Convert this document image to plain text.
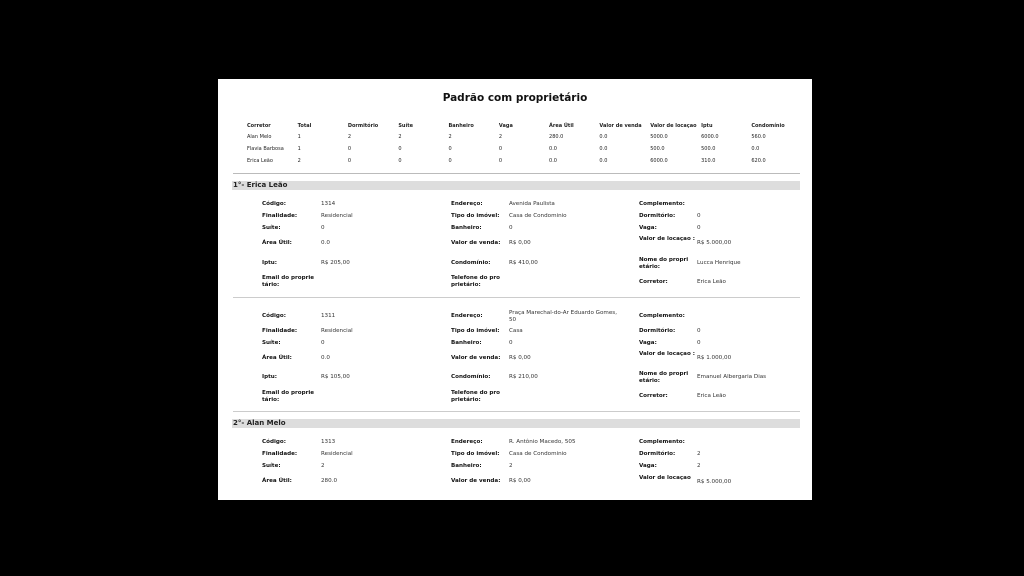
Padrão com proprietário
Corretor	Total	Dormitório	Suíte	Banheiro	Vaga	Área Útil	Valor de venda	Valor de locaçao	Iptu	Condomínio
Alan Melo	1	2	2	2	2	280.0	0.0	5000.0	6000.0	560.0
Flavia Barbosa	1	0	0	0	0	0.0	0.0	500.0	500.0	0.0
Erica Leão	2	0	0	0	0	0.0	0.0	6000.0	310.0	620.0
1°- Erica Leão
Código:	1314	Endereço:	Avenida Paulista	Complemento:
Finalidade:	Residencial	Tipo do imóvel:	Casa de Condominio	Dormitório:	0
Suíte:	0	Banheiro:	0	Vaga:	0
Área Útil:	0.0	Valor de venda:	R$ 0,00
Valor de locaçao :
R$ 5.000,00
Iptu:	R$ 205,00	Condomínio:	R$ 410,00	Nome do propri etário:
Lucca Henrique
Email do proprie tário:
Telefone do pro prietário:	Corretor:	Erica Leão
Código:	1311	Endereço:	Praça Marechal-do-Ar Eduardo Gomes, 50
Complemento:
Finalidade:	Residencial	Tipo do imóvel:	Casa	Dormitório:	0
Suíte:	0	Banheiro:	0	Vaga:	0
Área Útil:	0.0	Valor de venda:	R$ 0,00
Valor de locaçao :
R$ 1.000,00
Iptu:	R$ 105,00	Condomínio:	R$ 210,00	Nome do propri etário:
Emanuel Albergaria Dias
Email do proprie tário:
Telefone do pro prietário:
Corretor:	Erica Leão
2°- Alan Melo
Código:	1313	Endereço:	R. Antônio Macedo, 505	Complemento:
Finalidade:	Residencial	Tipo do imóvel:	Casa de Condominio	Dormitório:	2
Suíte:	2	Banheiro:	2	Vaga:	2
Área Útil:	280.0	Valor de venda:	R$ 0,00	Valor de locaçao
R$ 5.000,00
